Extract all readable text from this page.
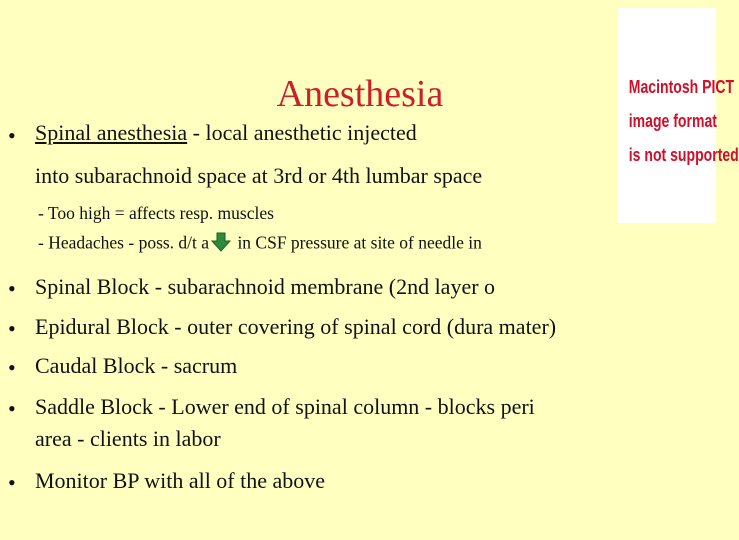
Anesthesia
• Spinal anesthesia - local anesthetic injected
into subarachnoid space at 3rd or 4th lumbar space
- Too high = affects resp. muscles
- Headaches - poss. d/t a in CSF pressure at site of needle in
• Spinal Block - subarachnoid membrane (2nd layer o
• Epidural Block - outer covering of spinal cord (dura mater)
• Caudal Block - sacrum
• Saddle Block - Lower end of spinal column - blocks peri
area - clients in labor
• Monitor BP with all of the above
Macintosh PICT
image format
is not supported
